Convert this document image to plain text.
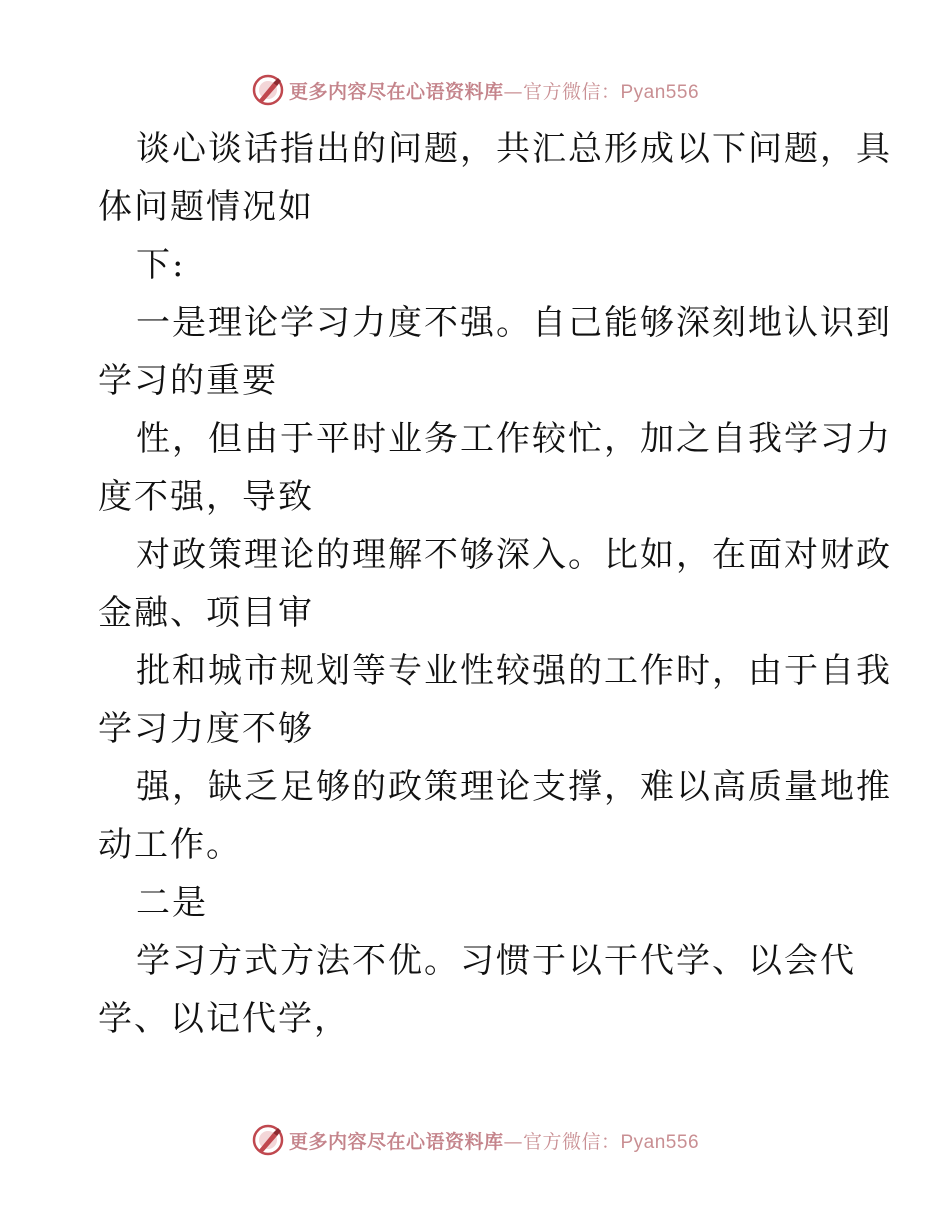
更多内容尽在心语资料库—官方微信：Pyan556
谈心谈话指出的问题，共汇总形成以下问题，具
体问题情况如
下:
一是理论学习力度不强。自己能够深刻地认识到
学习的重要
性，但由于平时业务工作较忙，加之自我学习力
度不强，导致
对政策理论的理解不够深入。比如，在面对财政
金融、项目审
批和城市规划等专业性较强的工作时，由于自我
学习力度不够
强，缺乏足够的政策理论支撑，难以高质量地推
动工作。
二是
学习方式方法不优。习惯于以干代学、以会代
学、以记代学，
更多内容尽在心语资料库—官方微信：Pyan556
